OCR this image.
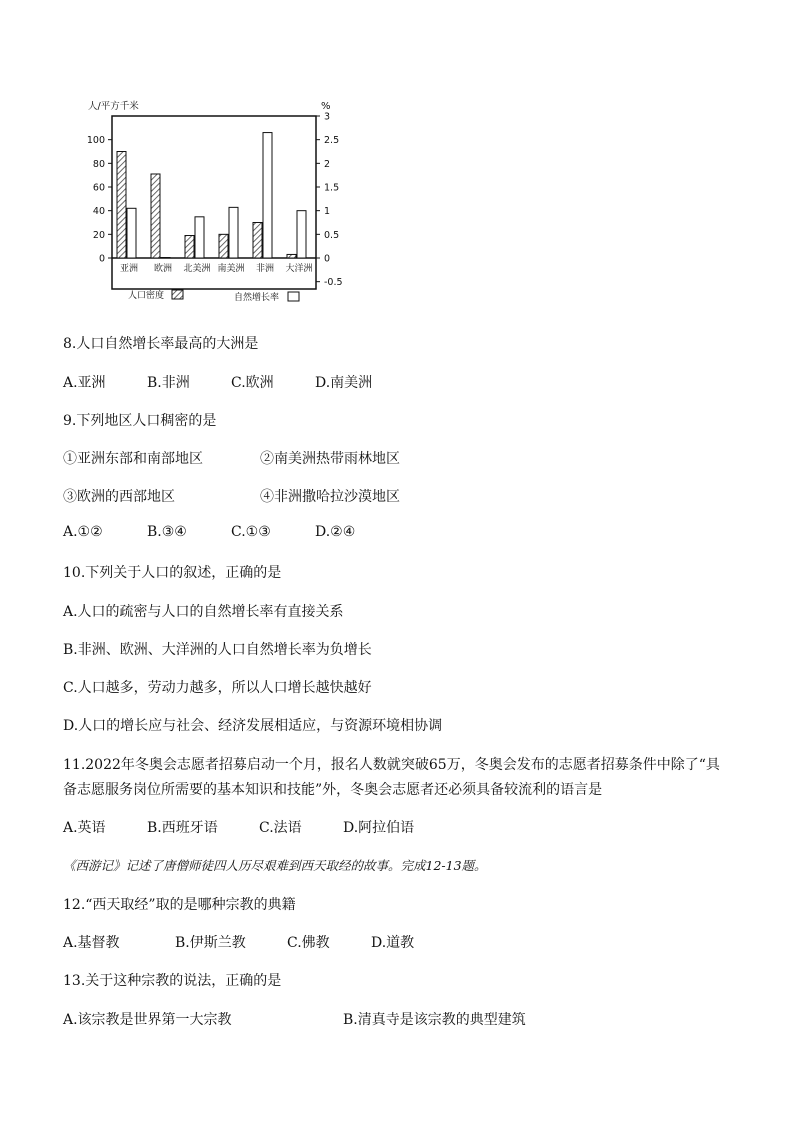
人/平方千米	%
0
20
40
60
80
100
-0.5
0
0.5
1
1.5
2
2.5
3
亚洲 欧洲 北美洲 南美洲 非洲 大洋洲
人口密度	自然增长率
8.人口自然增长率最高的大洲是
A.亚洲	B.非洲	C.欧洲	D.南美洲
9.下列地区人口稠密的是
①亚洲东部和南部地区	②南美洲热带雨林地区
③欧洲的西部地区	④非洲撒哈拉沙漠地区
A.①②	B.③④	C.①③	D.②④
10.下列关于人口的叙述，正确的是
A.人口的疏密与人口的自然增长率有直接关系
B.非洲、欧洲、大洋洲的人口自然增长率为负增长
C.人口越多，劳动力越多，所以人口增长越快越好
D.人口的增长应与社会、经济发展相适应，与资源环境相协调
11.2022年冬奥会志愿者招募启动一个月，报名人数就突破65万，冬奥会发布的志愿者招募条件中除了“具
备志愿服务岗位所需要的基本知识和技能”外，冬奥会志愿者还必须具备较流利的语言是
A.英语	B.西班牙语	C.法语	D.阿拉伯语
《西游记》记述了唐僧师徒四人历尽艰难到西天取经的故事。完成12-13题。
12.“西天取经”取的是哪种宗教的典籍
A.基督教	B.伊斯兰教	C.佛教	D.道教
13.关于这种宗教的说法，正确的是
A.该宗教是世界第一大宗教	B.清真寺是该宗教的典型建筑
